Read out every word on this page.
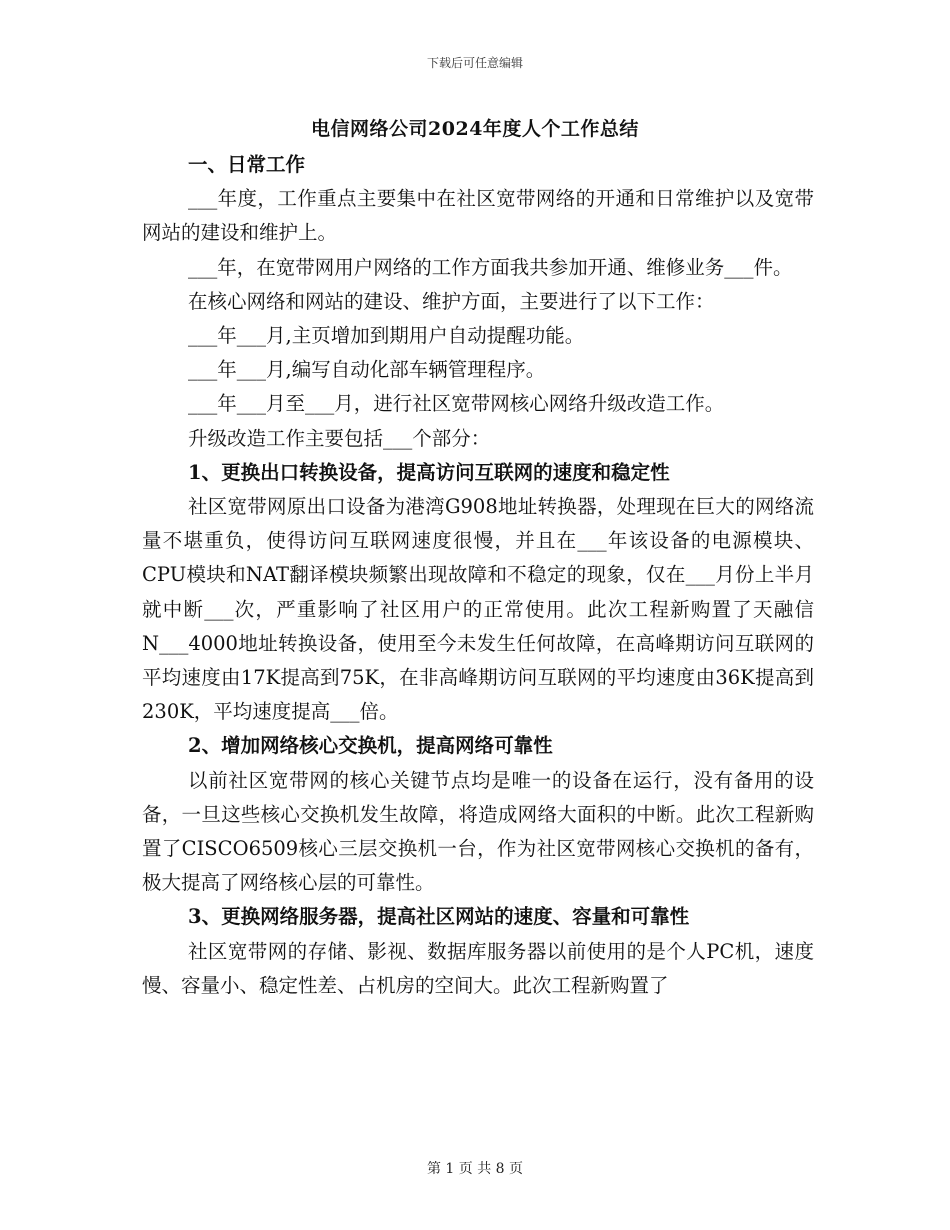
下载后可任意编辑
电信网络公司2024年度人个工作总结

一、日常工作

___年度，工作重点主要集中在社区宽带网络的开通和日常维护以及宽带网站的建设和维护上。

___年，在宽带网用户网络的工作方面我共参加开通、维修业务___件。

在核心网络和网站的建设、维护方面，主要进行了以下工作：

___年___月,主页增加到期用户自动提醒功能。

___年___月,编写自动化部车辆管理程序。

___年___月至___月，进行社区宽带网核心网络升级改造工作。

升级改造工作主要包括___个部分：

1、更换出口转换设备，提高访问互联网的速度和稳定性

社区宽带网原出口设备为港湾G908地址转换器，处理现在巨大的网络流量不堪重负，使得访问互联网速度很慢，并且在___年该设备的电源模块、CPU模块和NAT翻译模块频繁出现故障和不稳定的现象，仅在___月份上半月就中断___次，严重影响了社区用户的正常使用。此次工程新购置了天融信N___4000地址转换设备，使用至今未发生任何故障，在高峰期访问互联网的平均速度由17K提高到75K，在非高峰期访问互联网的平均速度由36K提高到230K，平均速度提高___倍。

2、增加网络核心交换机，提高网络可靠性

以前社区宽带网的核心关键节点均是唯一的设备在运行，没有备用的设备，一旦这些核心交换机发生故障，将造成网络大面积的中断。此次工程新购置了CISCO6509核心三层交换机一台，作为社区宽带网核心交换机的备有，极大提高了网络核心层的可靠性。

3、更换网络服务器，提高社区网站的速度、容量和可靠性

社区宽带网的存储、影视、数据库服务器以前使用的是个人PC机，速度慢、容量小、稳定性差、占机房的空间大。此次工程新购置了

第 1 页 共 8 页
